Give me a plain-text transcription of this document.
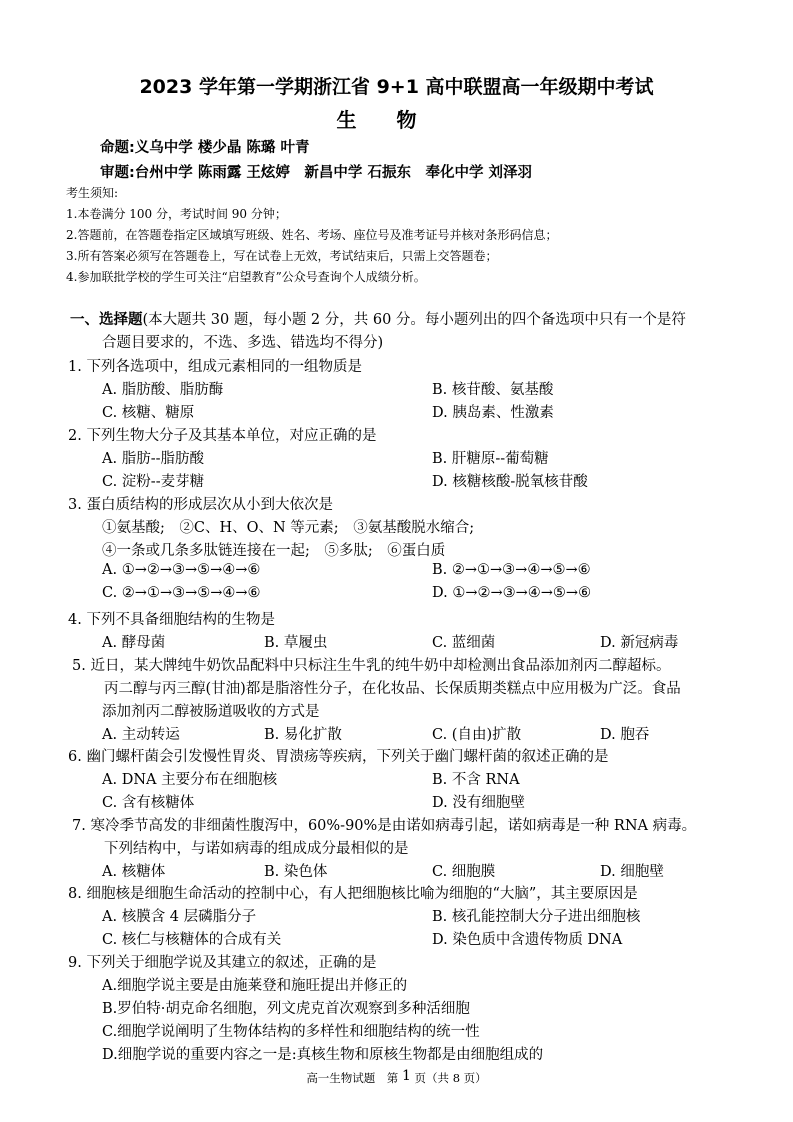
2023 学年第一学期浙江省 9+1 高中联盟高一年级期中考试
生物
命题:义乌中学 楼少晶 陈璐 叶青
审题:台州中学 陈雨露 王炫婷　新昌中学 石振东　奉化中学 刘泽羽
考生须知:
1.本卷满分 100 分，考试时间 90 分钟；
2.答题前，在答题卷指定区域填写班级、姓名、考场、座位号及准考证号并核对条形码信息；
3.所有答案必须写在答题卷上，写在试卷上无效，考试结束后，只需上交答题卷；
4.参加联批学校的学生可关注“启望教育”公众号查询个人成绩分析。
一、选择题(本大题共 30 题，每小题 2 分，共 60 分。每小题列出的四个备选项中只有一个是符
合题目要求的，不选、多选、错选均不得分)
1. 下列各选项中，组成元素相同的一组物质是
A. 脂肪酸、脂肪酶	B. 核苷酸、氨基酸
C. 核糖、糖原	D. 胰岛素、性激素
2. 下列生物大分子及其基本单位，对应正确的是
A. 脂肪--脂肪酸	B. 肝糖原--葡萄糖
C. 淀粉--麦芽糖	D. 核糖核酸-脱氧核苷酸
3. 蛋白质结构的形成层次从小到大依次是
①氨基酸;　②C、H、O、N 等元素;　③氨基酸脱水缩合;
④一条或几条多肽链连接在一起;　⑤多肽;　⑥蛋白质
A. ①→②→③→⑤→④→⑥	B. ②→①→③→④→⑤→⑥
C. ②→①→③→⑤→④→⑥	D. ①→②→③→④→⑤→⑥
4. 下列不具备细胞结构的生物是
A. 酵母菌	B. 草履虫	C. 蓝细菌	D. 新冠病毒
5. 近日，某大牌纯牛奶饮品配料中只标注生牛乳的纯牛奶中却检测出食品添加剂丙二醇超标。
丙二醇与丙三醇(甘油)都是脂溶性分子，在化妆品、长保质期类糕点中应用极为广泛。食品
添加剂丙二醇被肠道吸收的方式是
A. 主动转运	B. 易化扩散	C. (自由)扩散	D. 胞吞
6. 幽门螺杆菌会引发慢性胃炎、胃溃疡等疾病，下列关于幽门螺杆菌的叙述正确的是
A. DNA 主要分布在细胞核	B. 不含 RNA
C. 含有核糖体	D. 没有细胞壁
7. 寒冷季节高发的非细菌性腹泻中，60%-90%是由诺如病毒引起，诺如病毒是一种 RNA 病毒。
下列结构中，与诺如病毒的组成成分最相似的是
A. 核糖体	B. 染色体	C. 细胞膜	D. 细胞壁
8. 细胞核是细胞生命活动的控制中心，有人把细胞核比喻为细胞的“大脑”，其主要原因是
A. 核膜含 4 层磷脂分子	B. 核孔能控制大分子进出细胞核
C. 核仁与核糖体的合成有关	D. 染色质中含遗传物质 DNA
9. 下列关于细胞学说及其建立的叙述，正确的是
A.细胞学说主要是由施莱登和施旺提出并修正的
B.罗伯特·胡克命名细胞，列文虎克首次观察到多种活细胞
C.细胞学说阐明了生物体结构的多样性和细胞结构的统一性
D.细胞学说的重要内容之一是:真核生物和原核生物都是由细胞组成的
高一生物试题　第 1 页（共 8 页）
